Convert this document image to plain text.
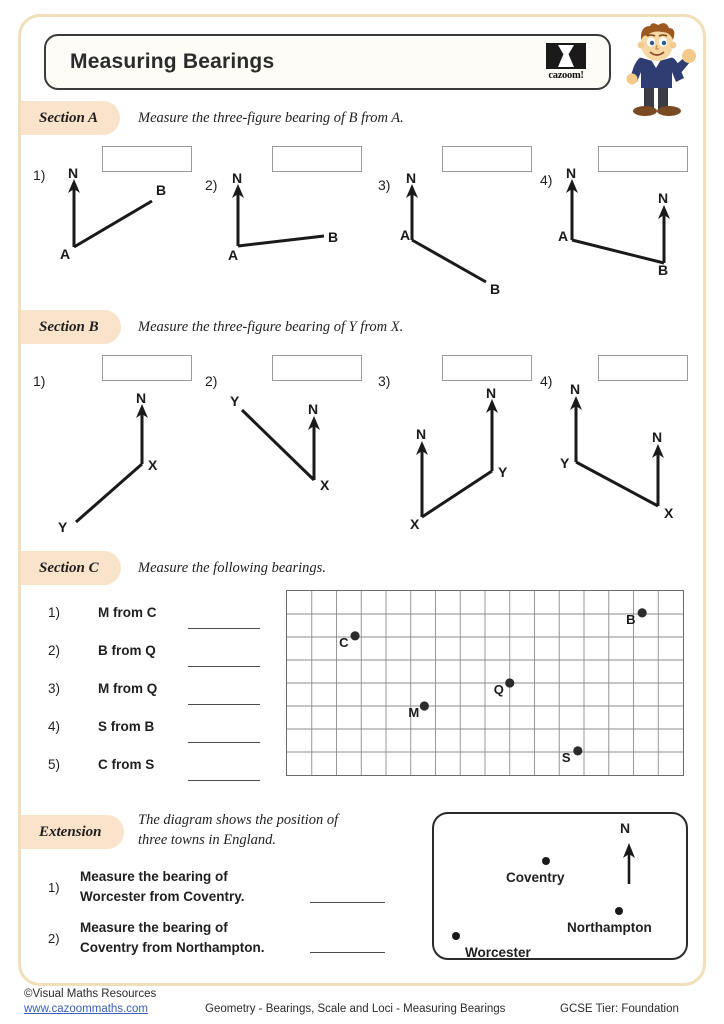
Measuring Bearings
cazoom!
Section A	Measure the three-figure bearing of B from A.
1)
2)	3)	4)
N
A
B
N
A
B
N
A
B
N
N
A
B
Section B	Measure the three-figure bearing of Y from X.
1)	2)	3)	4)
N
X
Y
N
Y
X
N
N
X
Y
N
N
Y
X
Section C	Measure the following bearings.
1)	M from C
2)	B from Q
3)	M from Q
4)	S from B
5)	C from S
B
C
Q
M
S
Extension
The diagram shows the position of
three towns in England.
1)
Measure the bearing of
Worcester from Coventry.
2)
Measure the bearing of
Coventry from Northampton.
N
Coventry
Northampton
Worcester
©Visual Maths Resources
www.cazoommaths.com	Geometry - Bearings, Scale and Loci - Measuring Bearings	GCSE Tier: Foundation
